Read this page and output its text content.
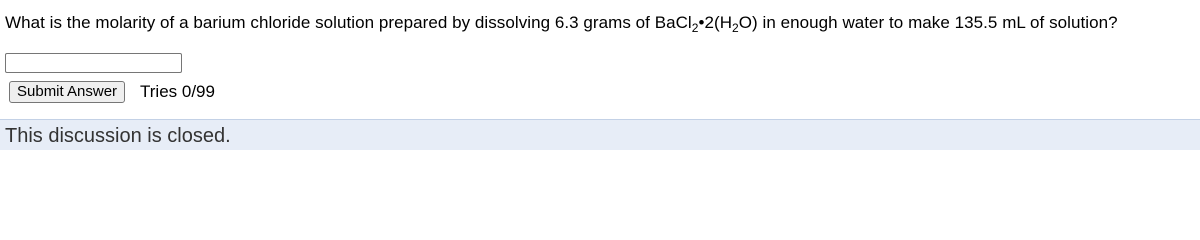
What is the molarity of a barium chloride solution prepared by dissolving 6.3 grams of $BaCl_2•2(H_2O)$ in enough water to make 135.5 mL of solution?
Submit Answer	Tries 0/99
This discussion is closed.
